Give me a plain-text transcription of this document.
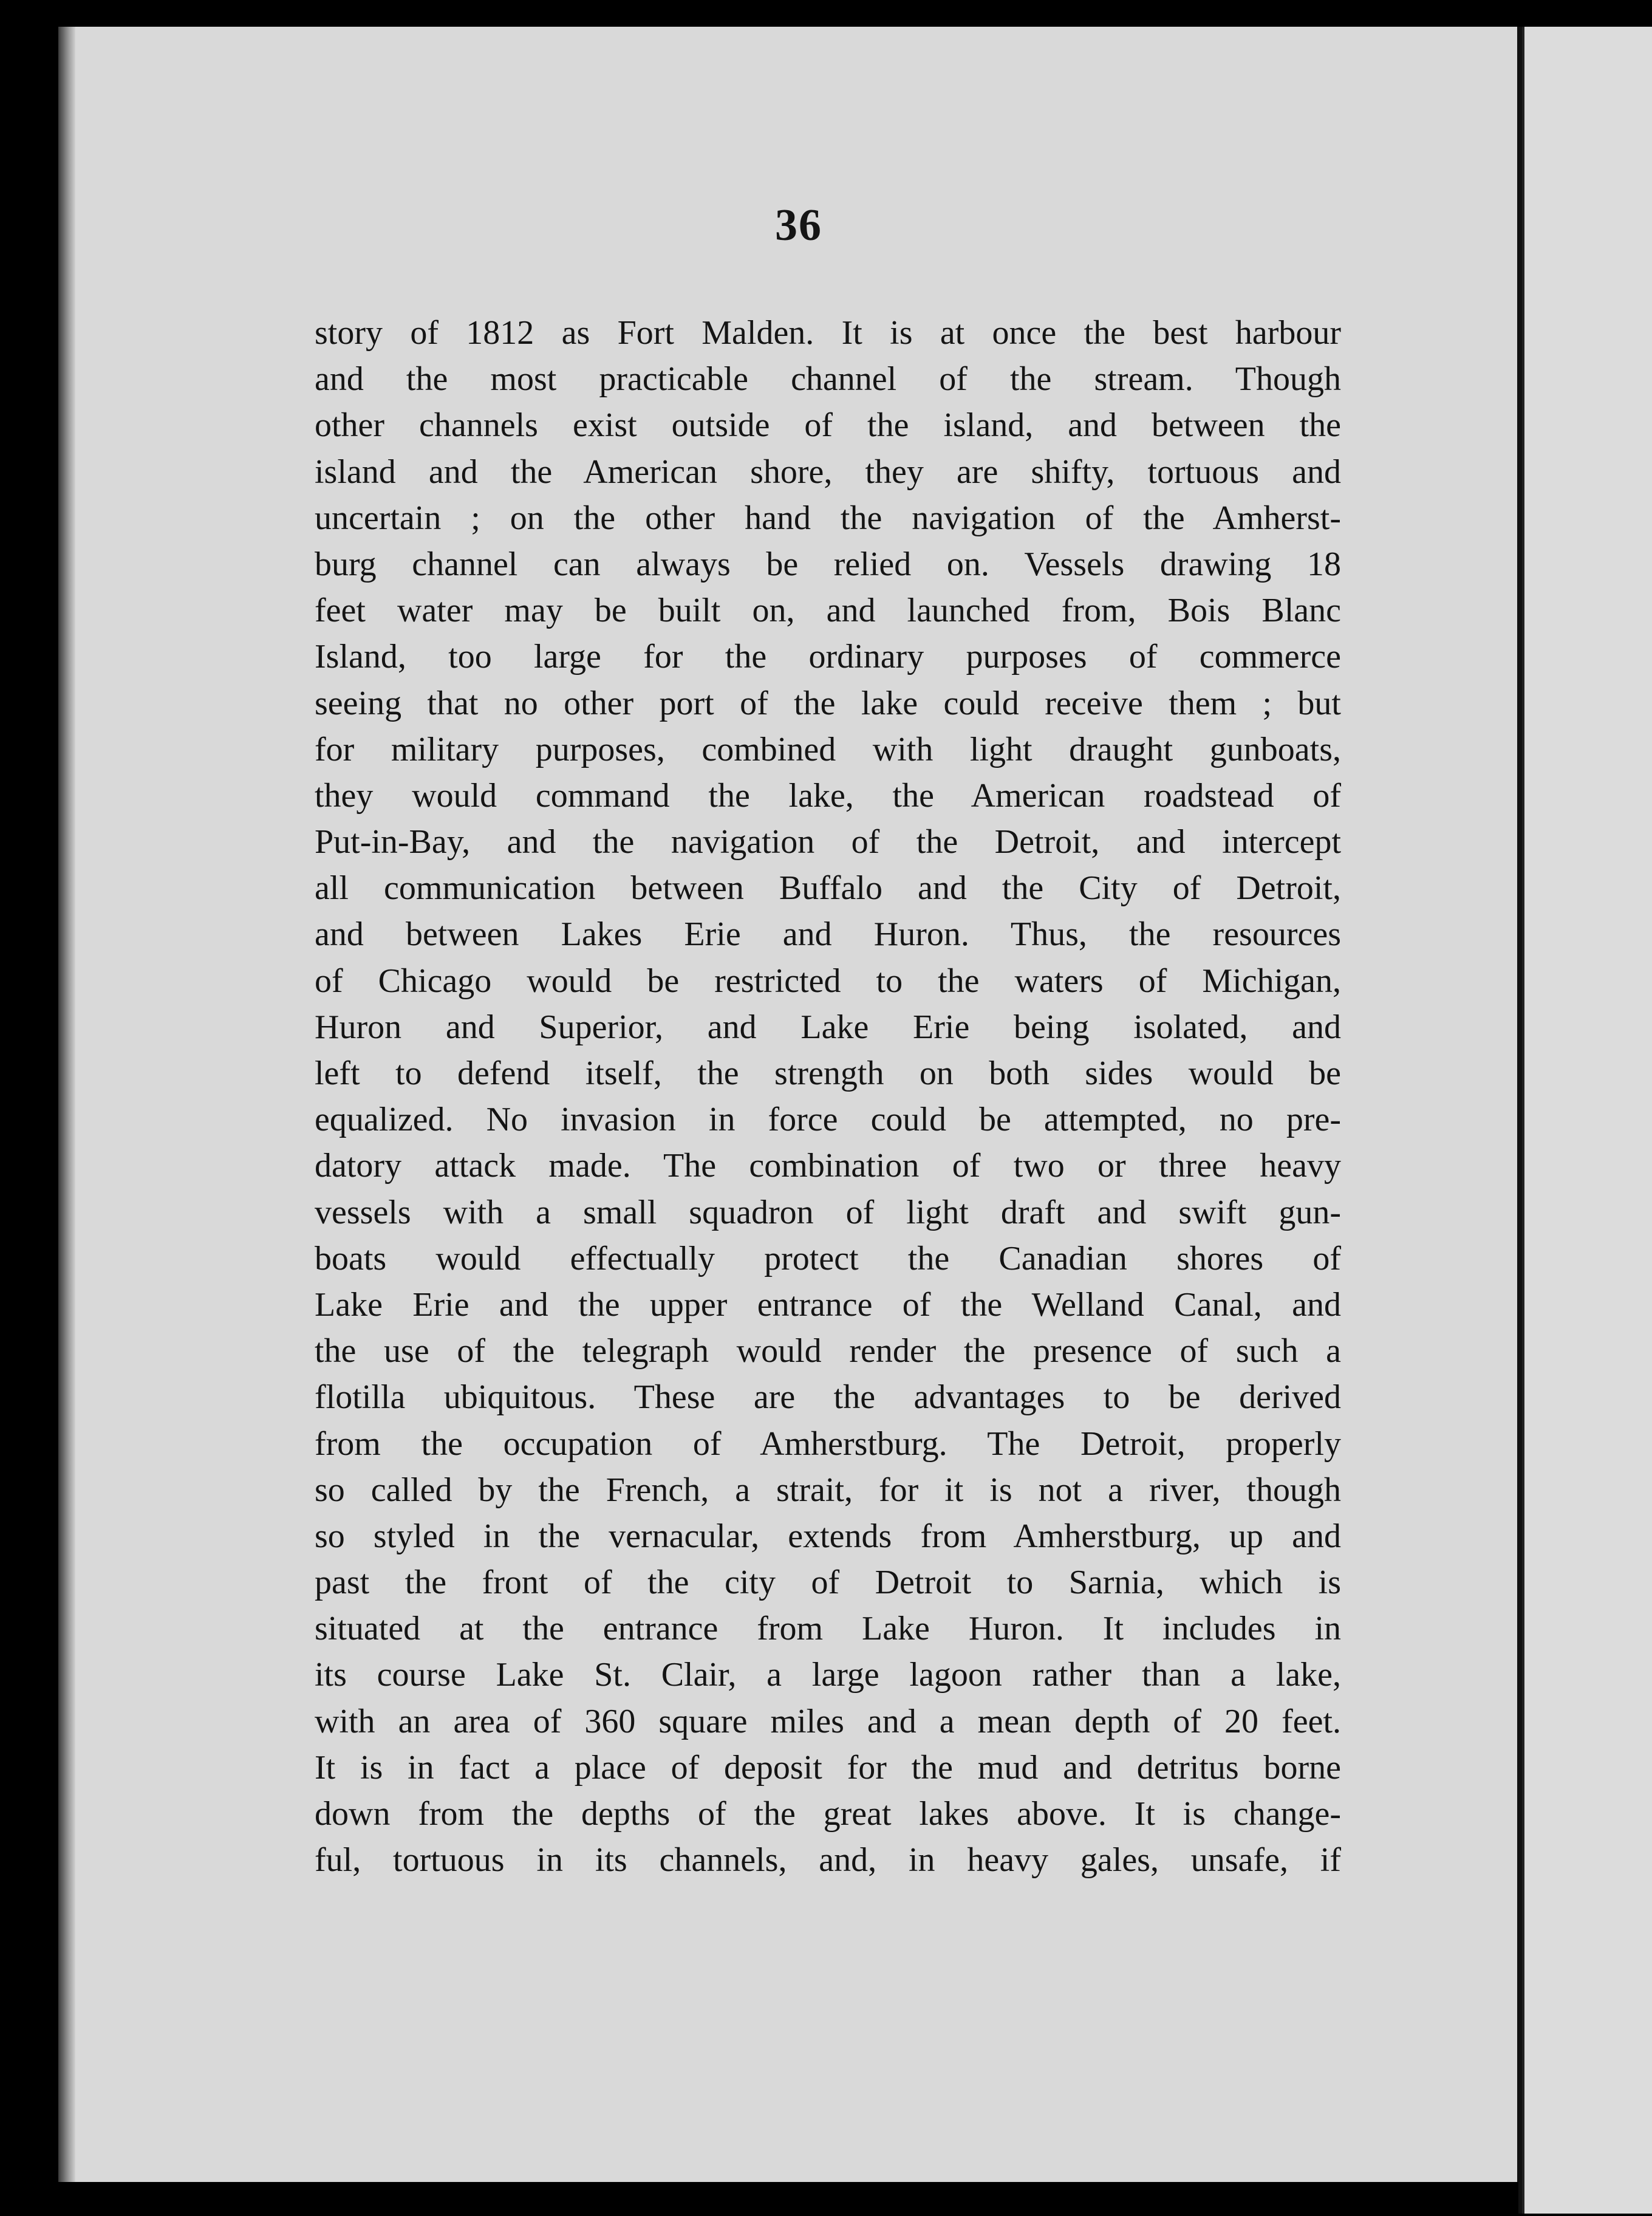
36
story of 1812 as Fort Malden. It is at once the best harbour
and the most practicable channel of the stream. Though
other channels exist outside of the island, and between the
island and the American shore, they are shifty, tortuous and
uncertain ; on the other hand the navigation of the Amherst-
burg channel can always be relied on. Vessels drawing 18
feet water may be built on, and launched from, Bois Blanc
Island, too large for the ordinary purposes of commerce
seeing that no other port of the lake could receive them ; but
for military purposes, combined with light draught gunboats,
they would command the lake, the American roadstead of
Put-in-Bay, and the navigation of the Detroit, and intercept
all communication between Buffalo and the City of Detroit,
and between Lakes Erie and Huron. Thus, the resources
of Chicago would be restricted to the waters of Michigan,
Huron and Superior, and Lake Erie being isolated, and
left to defend itself, the strength on both sides would be
equalized. No invasion in force could be attempted, no pre-
datory attack made. The combination of two or three heavy
vessels with a small squadron of light draft and swift gun-
boats would effectually protect the Canadian shores of
Lake Erie and the upper entrance of the Welland Canal, and
the use of the telegraph would render the presence of such a
flotilla ubiquitous. These are the advantages to be derived
from the occupation of Amherstburg. The Detroit, properly
so called by the French, a strait, for it is not a river, though
so styled in the vernacular, extends from Amherstburg, up and
past the front of the city of Detroit to Sarnia, which is
situated at the entrance from Lake Huron. It includes in
its course Lake St. Clair, a large lagoon rather than a lake,
with an area of 360 square miles and a mean depth of 20 feet.
It is in fact a place of deposit for the mud and detritus borne
down from the depths of the great lakes above. It is change-
ful, tortuous in its channels, and, in heavy gales, unsafe, if
